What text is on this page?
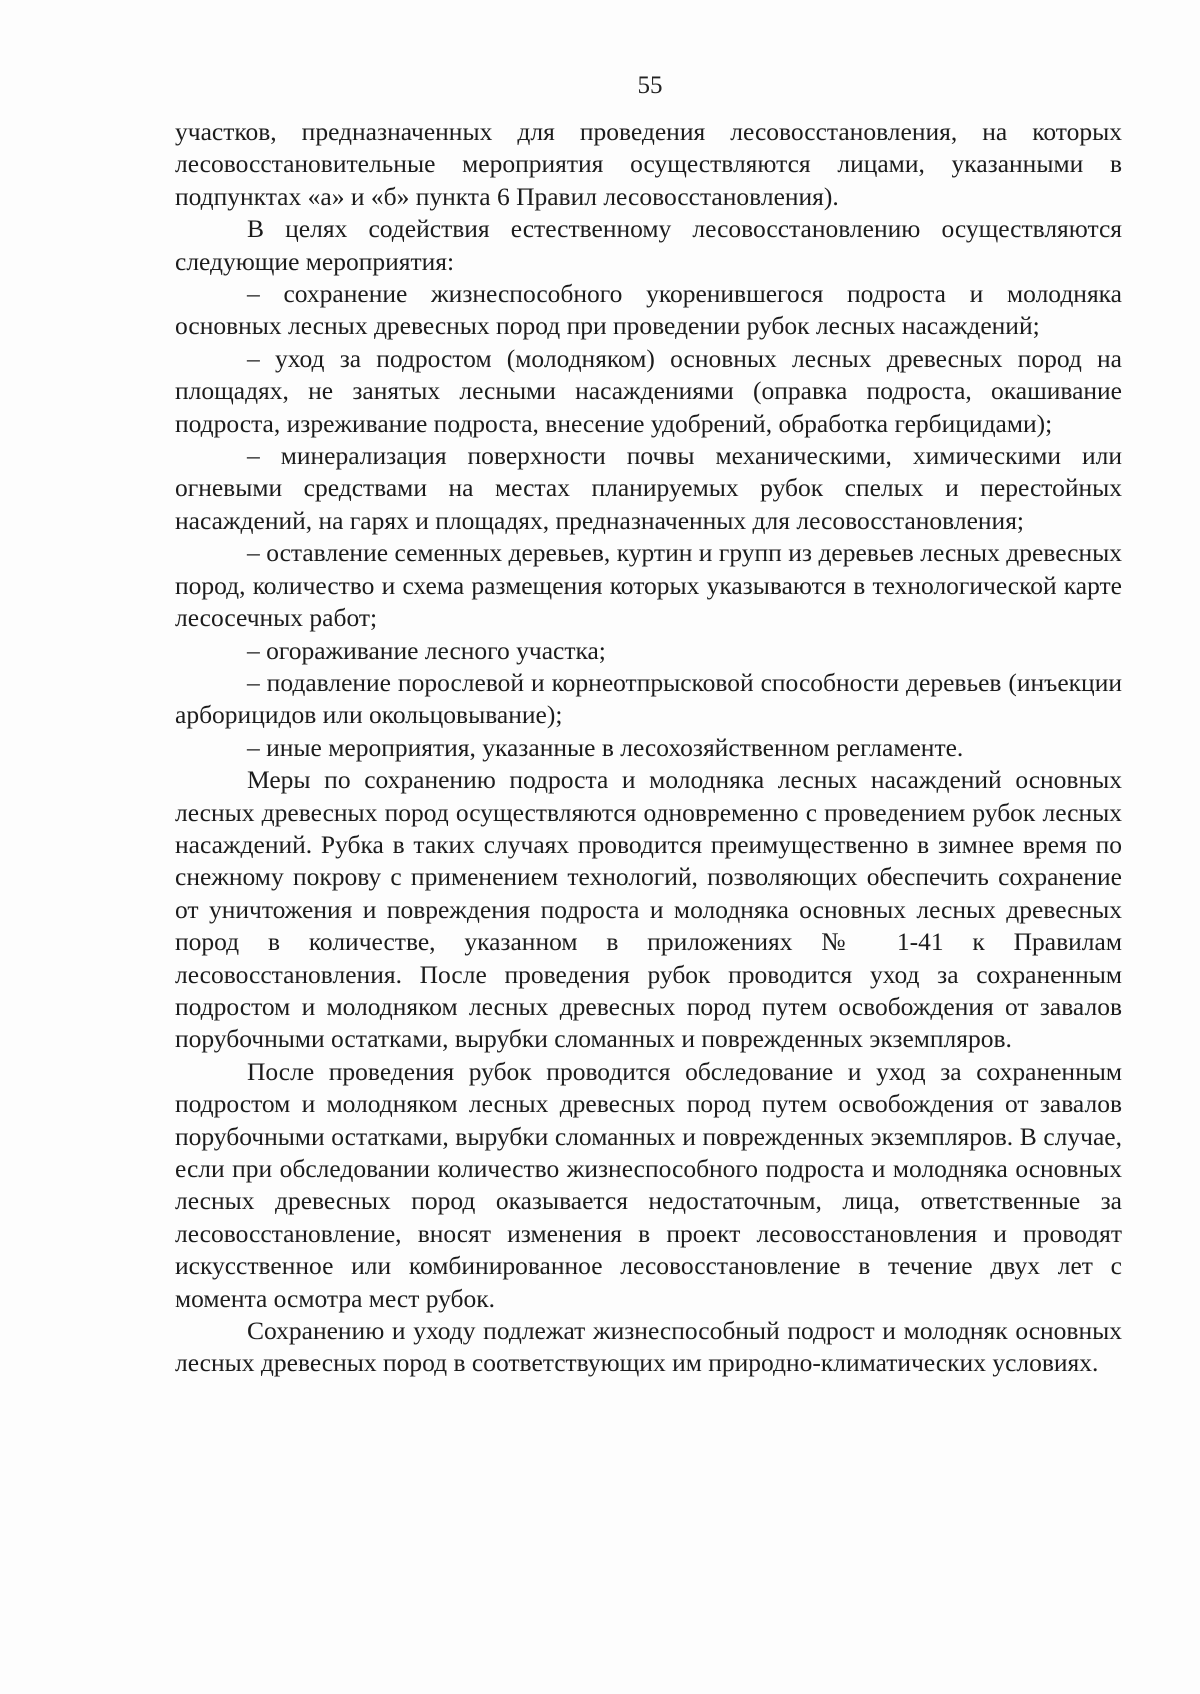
55

участков, предназначенных для проведения лесовосстановления, на которых лесовосстановительные мероприятия осуществляются лицами, указанными в подпунктах «а» и «б» пункта 6 Правил лесовосстановления).

В целях содействия естественному лесовосстановлению осуществляются следующие мероприятия:

– сохранение жизнеспособного укоренившегося подроста и молодняка основных лесных древесных пород при проведении рубок лесных насаждений;

– уход за подростом (молодняком) основных лесных древесных пород на площадях, не занятых лесными насаждениями (оправка подроста, окашивание подроста, изреживание подроста, внесение удобрений, обработка гербицидами);

– минерализация поверхности почвы механическими, химическими или огневыми средствами на местах планируемых рубок спелых и перестойных насаждений, на гарях и площадях, предназначенных для лесовосстановления;

– оставление семенных деревьев, куртин и групп из деревьев лесных древесных пород, количество и схема размещения которых указываются в технологической карте лесосечных работ;

– огораживание лесного участка;

– подавление порослевой и корнеотпрысковой способности деревьев (инъекции арборицидов или окольцовывание);

– иные мероприятия, указанные в лесохозяйственном регламенте.

Меры по сохранению подроста и молодняка лесных насаждений основных лесных древесных пород осуществляются одновременно с проведением рубок лесных насаждений. Рубка в таких случаях проводится преимущественно в зимнее время по снежному покрову с применением технологий, позволяющих обеспечить сохранение от уничтожения и повреждения подроста и молодняка основных лесных древесных пород в количестве, указанном в приложениях № 1-41 к Правилам лесовосстановления. После проведения рубок проводится уход за сохраненным подростом и молодняком лесных древесных пород путем освобождения от завалов порубочными остатками, вырубки сломанных и поврежденных экземпляров.

После проведения рубок проводится обследование и уход за сохраненным подростом и молодняком лесных древесных пород путем освобождения от завалов порубочными остатками, вырубки сломанных и поврежденных экземпляров. В случае, если при обследовании количество жизнеспособного подроста и молодняка основных лесных древесных пород оказывается недостаточным, лица, ответственные за лесовосстановление, вносят изменения в проект лесовосстановления и проводят искусственное или комбинированное лесовосстановление в течение двух лет с момента осмотра мест рубок.

Сохранению и уходу подлежат жизнеспособный подрост и молодняк основных лесных древесных пород в соответствующих им природно-климатических условиях.
